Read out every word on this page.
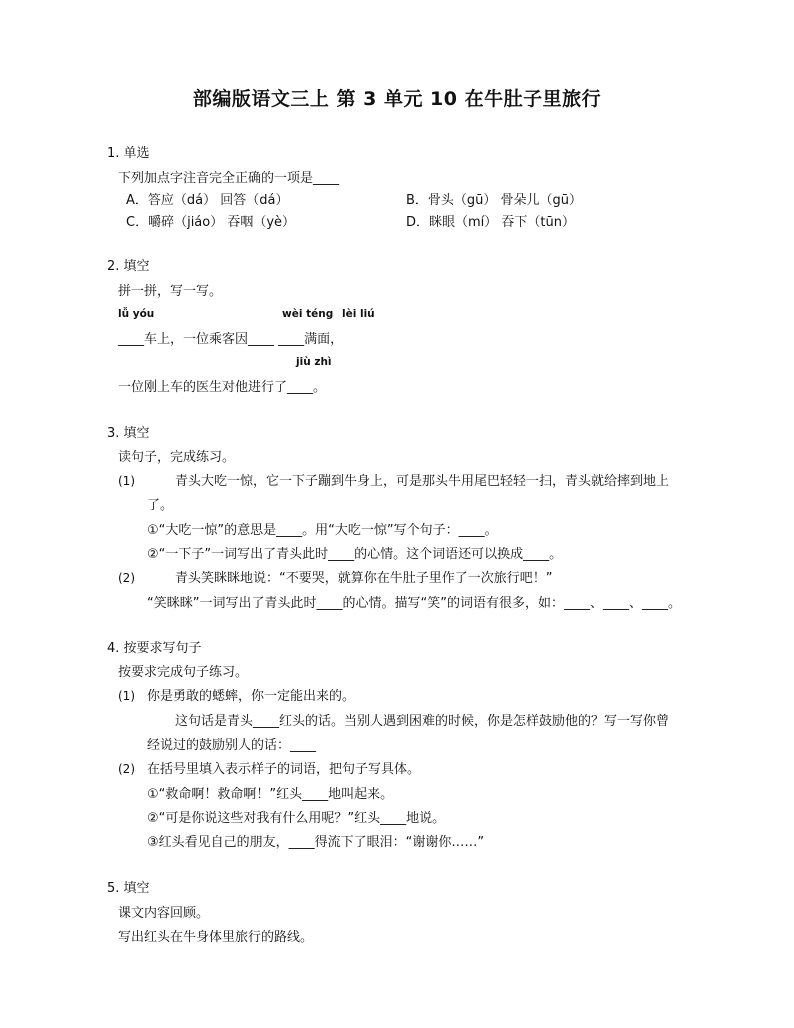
部编版语文三上 第 3 单元 10 在牛肚子里旅行
1. 单选
下列加点字注音完全正确的一项是____
A．答应（dá） 回答（dá）	B．骨头（gū） 骨朵儿（gū）
C．嚼碎（jiáo） 吞咽（yè）	D．眯眼（mí） 吞下（tūn）
2. 填空
拼一拼，写一写。
lǚ yóu	wèi téng lèi liú
____车上，一位乘客因____ ____满面，
jiù zhì
一位刚上车的医生对他进行了____。
3. 填空
读句子，完成练习。
(1)	青头大吃一惊，它一下子蹦到牛身上，可是那头牛用尾巴轻轻一扫，青头就给摔到地上
了。
①“大吃一惊”的意思是____。用“大吃一惊”写个句子：____。
②“一下子”一词写出了青头此时____的心情。这个词语还可以换成____。
(2)	青头笑眯眯地说：“不要哭，就算你在牛肚子里作了一次旅行吧！”
“笑眯眯”一词写出了青头此时____的心情。描写“笑”的词语有很多，如：____、____、____。
4. 按要求写句子
按要求完成句子练习。
(1) 你是勇敢的蟋蟀，你一定能出来的。
这句话是青头____红头的话。当别人遇到困难的时候，你是怎样鼓励他的？写一写你曾
经说过的鼓励别人的话：____
(2) 在括号里填入表示样子的词语，把句子写具体。
①“救命啊！救命啊！”红头____地叫起来。
②“可是你说这些对我有什么用呢？”红头____地说。
③红头看见自己的朋友，____得流下了眼泪：“谢谢你……”
5. 填空
课文内容回顾。
写出红头在牛身体里旅行的路线。
